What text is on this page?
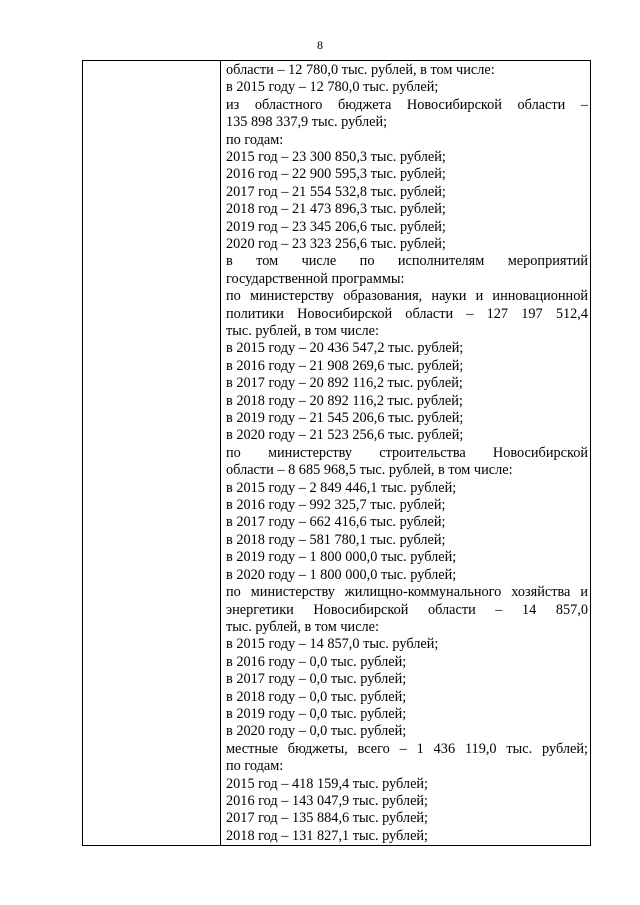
8
области – 12 780,0 тыс. рублей, в том числе:
в 2015 году – 12 780,0 тыс. рублей;
из областного бюджета Новосибирской области –
135 898 337,9 тыс. рублей;
по годам:
2015 год – 23 300 850,3 тыс. рублей;
2016 год – 22 900 595,3 тыс. рублей;
2017 год – 21 554 532,8 тыс. рублей;
2018 год – 21 473 896,3 тыс. рублей;
2019 год – 23 345 206,6 тыс. рублей;
2020 год – 23 323 256,6 тыс. рублей;
в том числе по исполнителям мероприятий
государственной программы:
по министерству образования, науки и инновационной
политики Новосибирской области – 127 197 512,4
тыс. рублей, в том числе:
в 2015 году – 20 436 547,2 тыс. рублей;
в 2016 году – 21 908 269,6 тыс. рублей;
в 2017 году – 20 892 116,2 тыс. рублей;
в 2018 году – 20 892 116,2 тыс. рублей;
в 2019 году – 21 545 206,6 тыс. рублей;
в 2020 году – 21 523 256,6 тыс. рублей;
по министерству строительства Новосибирской
области – 8 685 968,5 тыс. рублей, в том числе:
в 2015 году – 2 849 446,1 тыс. рублей;
в 2016 году – 992 325,7 тыс. рублей;
в 2017 году – 662 416,6 тыс. рублей;
в 2018 году – 581 780,1 тыс. рублей;
в 2019 году – 1 800 000,0 тыс. рублей;
в 2020 году – 1 800 000,0 тыс. рублей;
по министерству жилищно-коммунального хозяйства и
энергетики Новосибирской области – 14 857,0
тыс. рублей, в том числе:
в 2015 году – 14 857,0 тыс. рублей;
в 2016 году – 0,0 тыс. рублей;
в 2017 году – 0,0 тыс. рублей;
в 2018 году – 0,0 тыс. рублей;
в 2019 году – 0,0 тыс. рублей;
в 2020 году – 0,0 тыс. рублей;
местные бюджеты, всего – 1 436 119,0 тыс. рублей;
по годам:
2015 год – 418 159,4 тыс. рублей;
2016 год – 143 047,9 тыс. рублей;
2017 год – 135 884,6 тыс. рублей;
2018 год – 131 827,1 тыс. рублей;
